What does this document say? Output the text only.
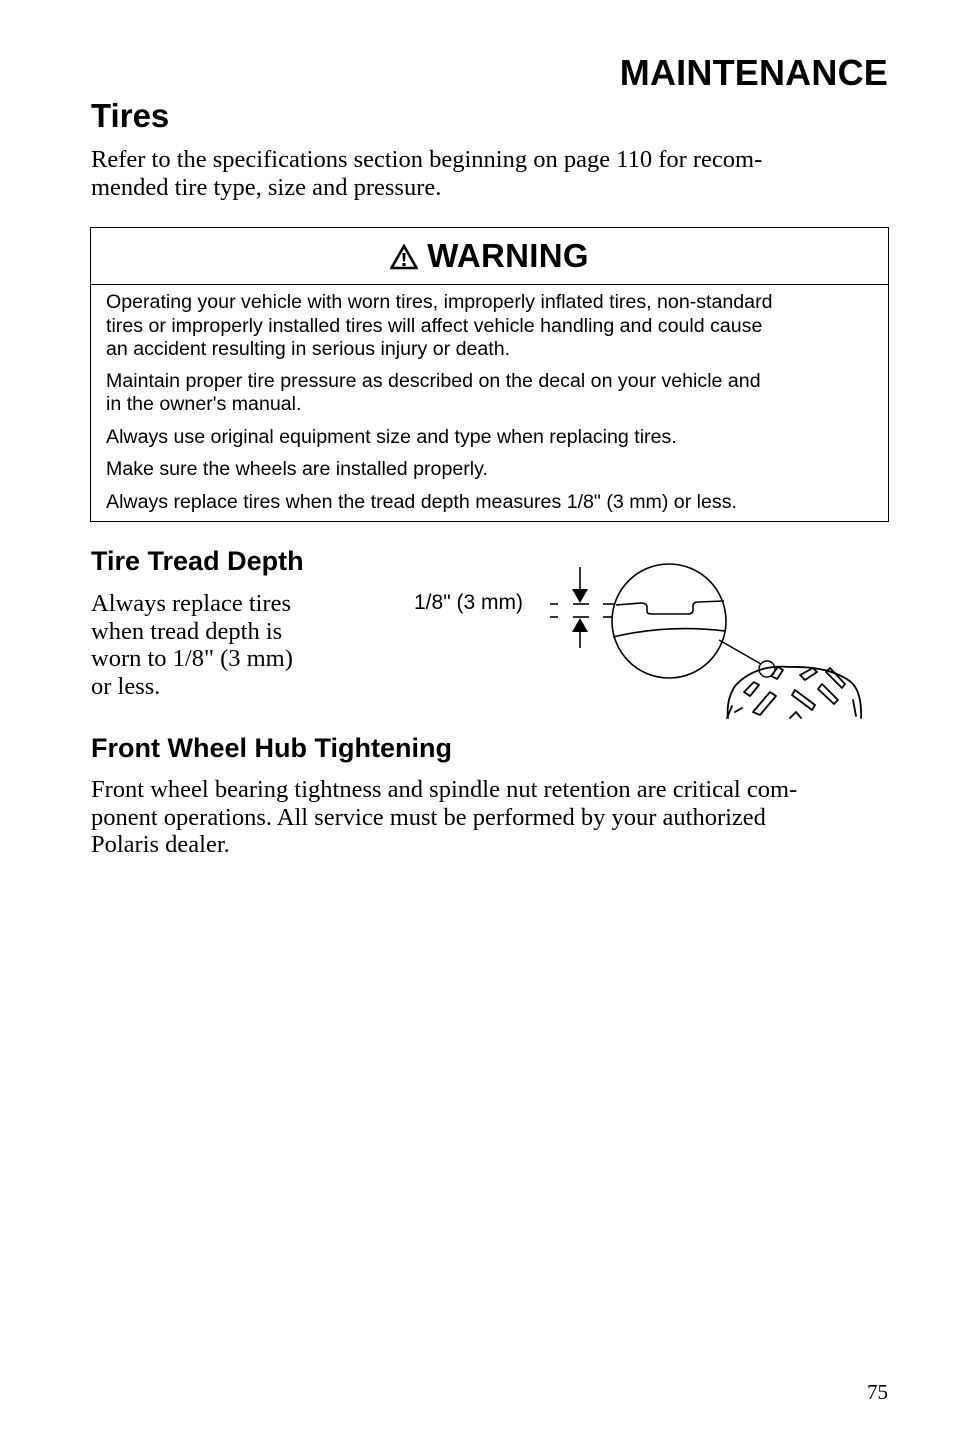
MAINTENANCE
Tires
Refer to the specifications section beginning on page 110 for recom-
mended tire type, size and pressure.
WARNING

Operating your vehicle with worn tires, improperly inflated tires, non-standard
tires or improperly installed tires will affect vehicle handling and could cause
an accident resulting in serious injury or death.

Maintain proper tire pressure as described on the decal on your vehicle and
in the owner's manual.

Always use original equipment size and type when replacing tires.

Make sure the wheels are installed properly.

Always replace tires when the tread depth measures 1/8" (3 mm) or less.

Tire Tread Depth
Always replace tires
when tread depth is
worn to 1/8" (3 mm)
or less.
1/8" (3 mm)
Front Wheel Hub Tightening
Front wheel bearing tightness and spindle nut retention are critical com-
ponent operations. All service must be performed by your authorized
Polaris dealer.
75
